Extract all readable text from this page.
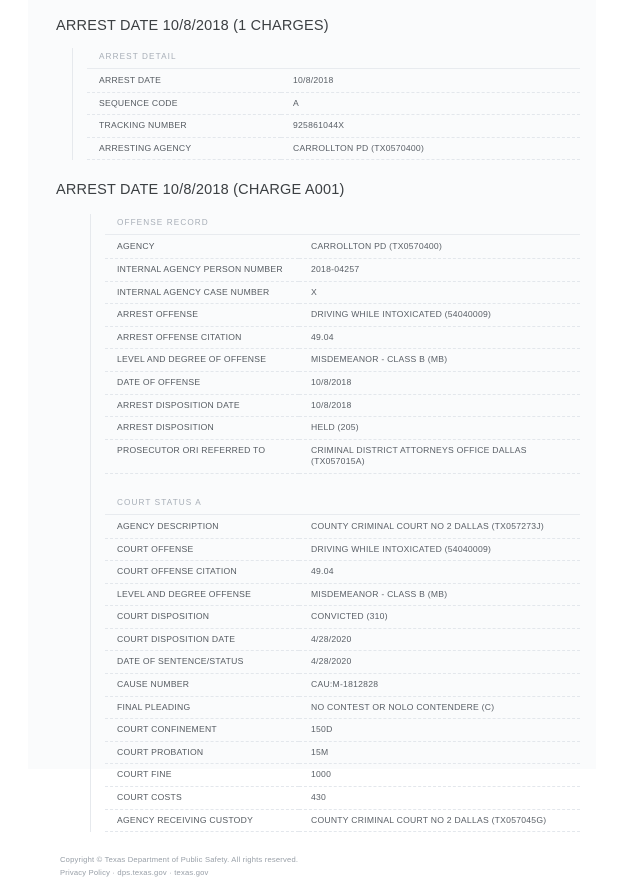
ARREST DATE 10/8/2018 (1 CHARGES)
ARREST DETAIL
ARREST DATE	10/8/2018
SEQUENCE CODE	A
TRACKING NUMBER	925861044X
ARRESTING AGENCY	CARROLLTON PD (TX0570400)
ARREST DATE 10/8/2018 (CHARGE A001)
OFFENSE RECORD
AGENCY	CARROLLTON PD (TX0570400)
INTERNAL AGENCY PERSON NUMBER	2018-04257
INTERNAL AGENCY CASE NUMBER	X
ARREST OFFENSE	DRIVING WHILE INTOXICATED (54040009)
ARREST OFFENSE CITATION	49.04
LEVEL AND DEGREE OF OFFENSE	MISDEMEANOR - CLASS B (MB)
DATE OF OFFENSE	10/8/2018
ARREST DISPOSITION DATE	10/8/2018
ARREST DISPOSITION	HELD (205)
PROSECUTOR ORI REFERRED TO	CRIMINAL DISTRICT ATTORNEYS OFFICE DALLAS (TX057015A)
COURT STATUS A
AGENCY DESCRIPTION	COUNTY CRIMINAL COURT NO 2 DALLAS (TX057273J)
COURT OFFENSE	DRIVING WHILE INTOXICATED (54040009)
COURT OFFENSE CITATION	49.04
LEVEL AND DEGREE OFFENSE	MISDEMEANOR - CLASS B (MB)
COURT DISPOSITION	CONVICTED (310)
COURT DISPOSITION DATE	4/28/2020
DATE OF SENTENCE/STATUS	4/28/2020
CAUSE NUMBER	CAU:M-1812828
FINAL PLEADING	NO CONTEST OR NOLO CONTENDERE (C)
COURT CONFINEMENT	150D
COURT PROBATION	15M
COURT FINE	1000
COURT COSTS	430
AGENCY RECEIVING CUSTODY	COUNTY CRIMINAL COURT NO 2 DALLAS (TX057045G)
Copyright © Texas Department of Public Safety. All rights reserved.
Privacy Policy · dps.texas.gov · texas.gov
